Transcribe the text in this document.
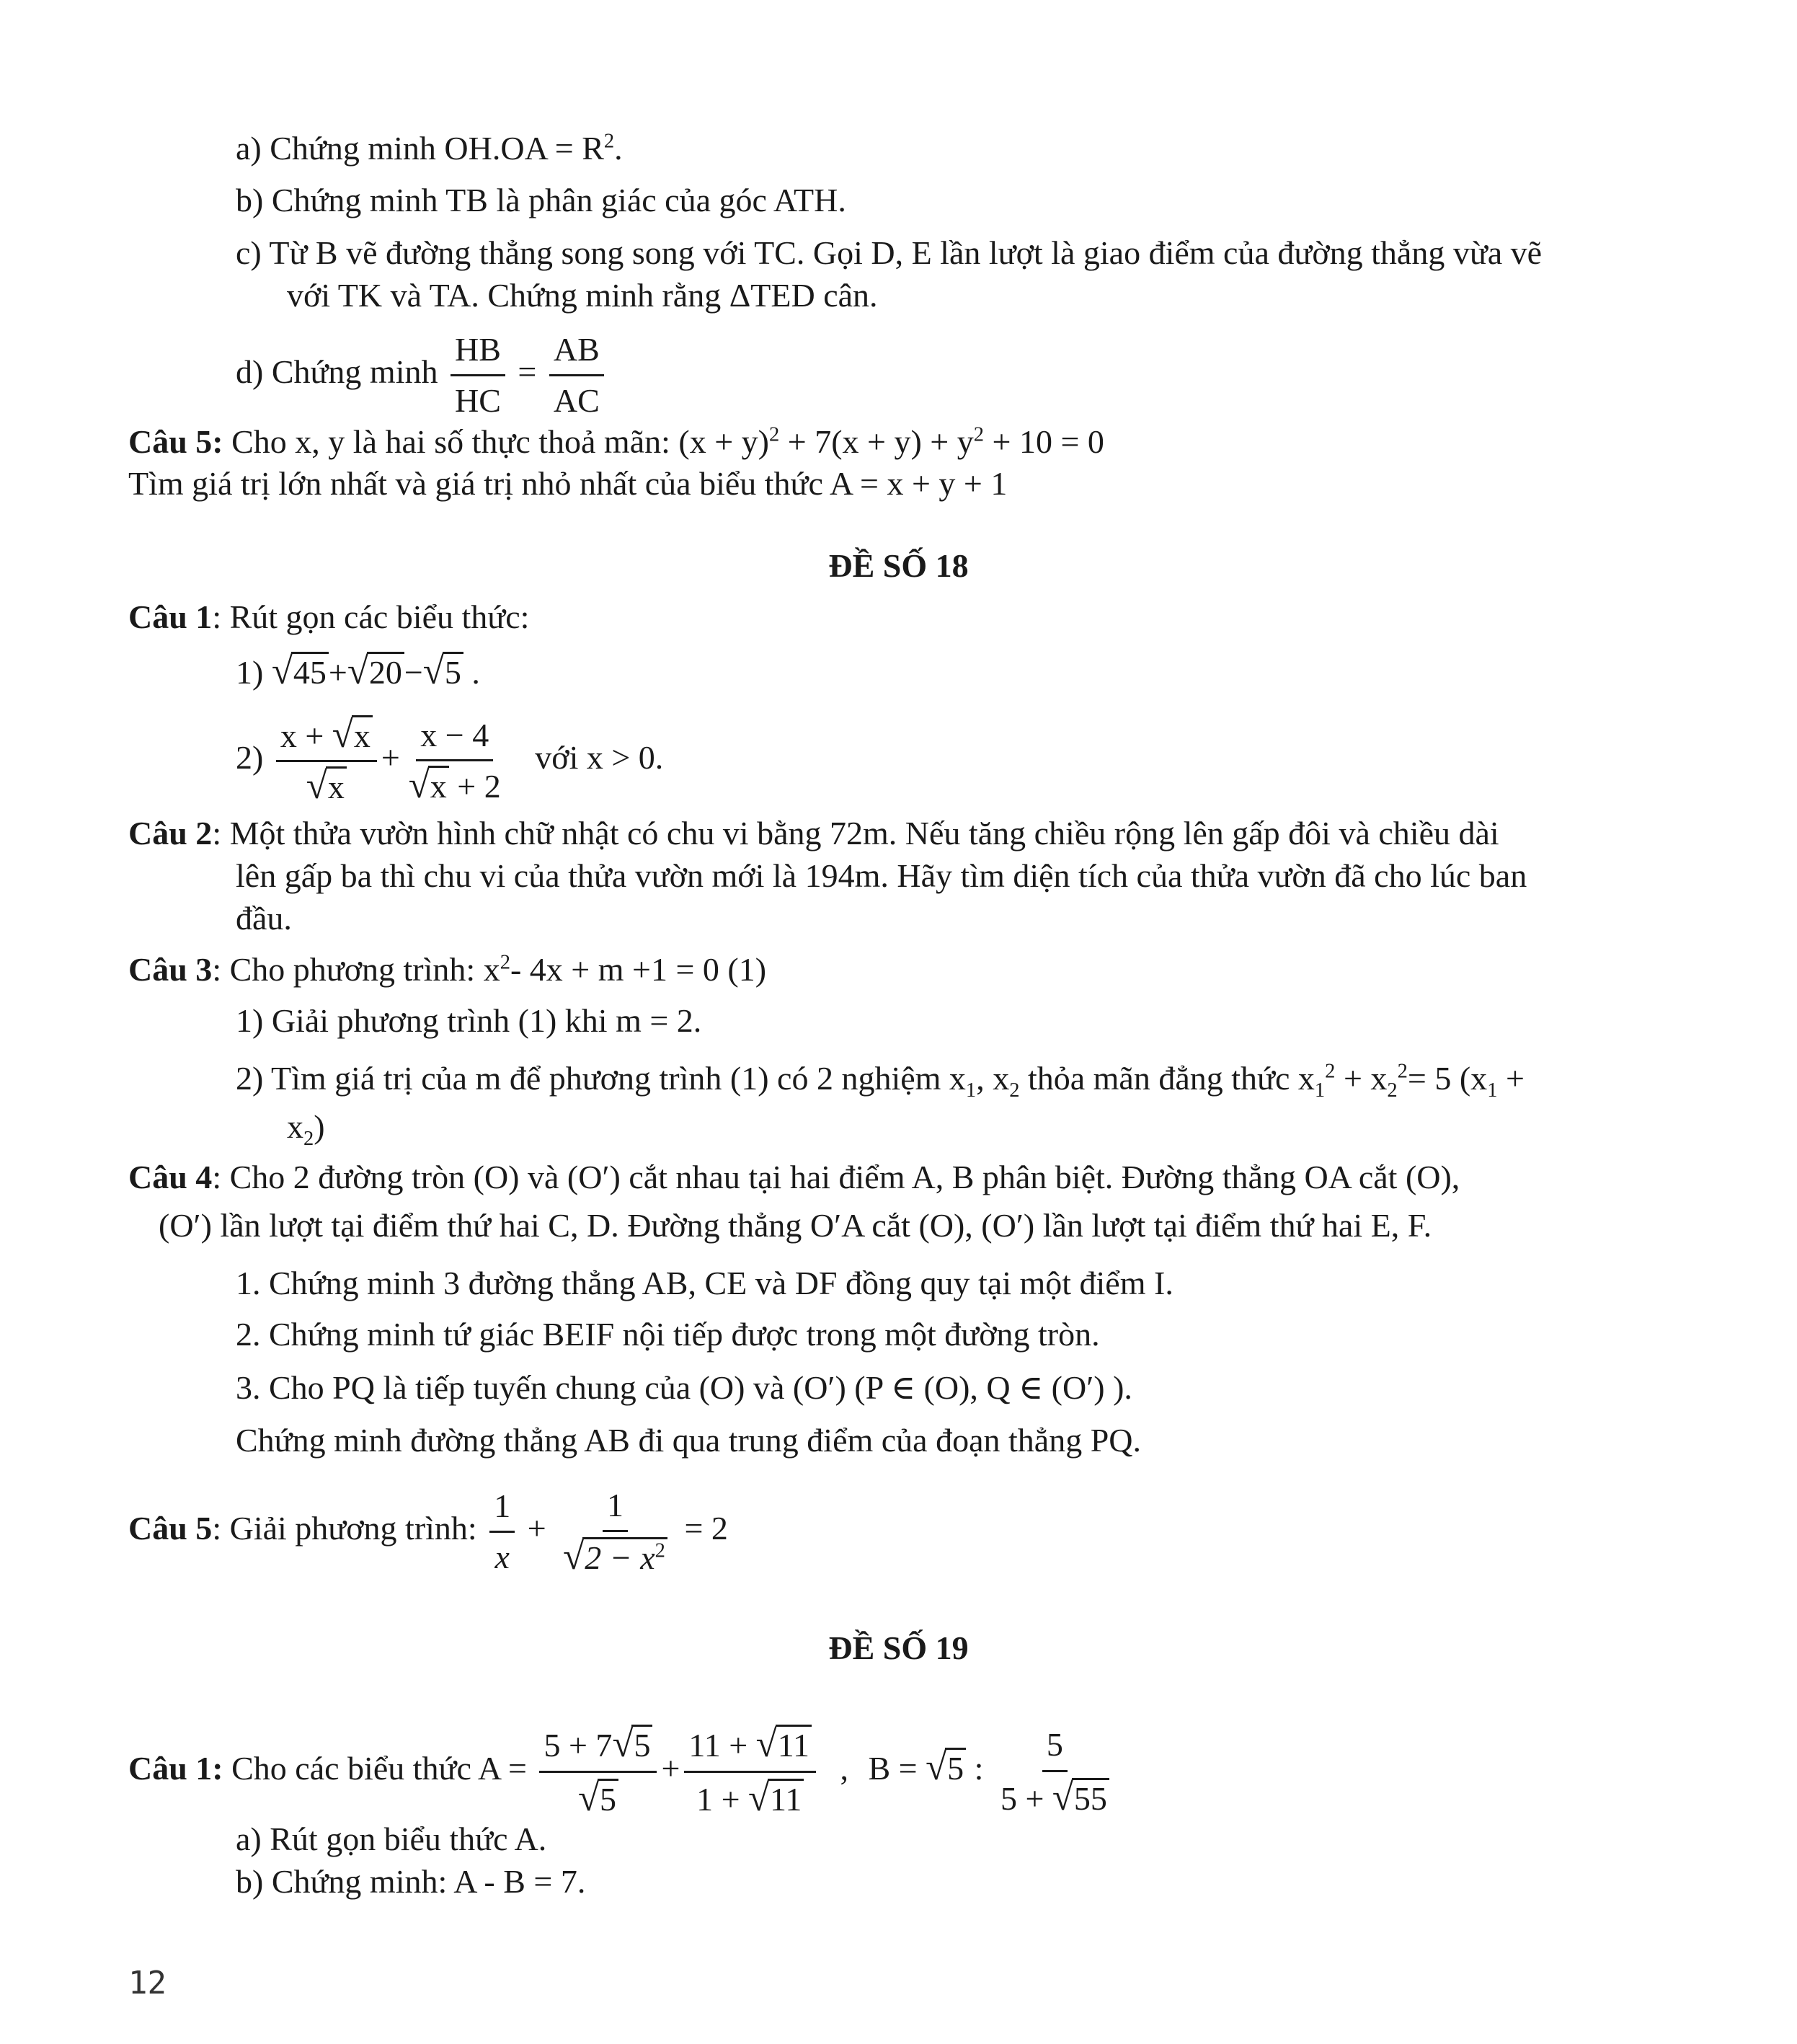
a) Chứng minh $OH.OA = R^2$.
b) Chứng minh TB là phân giác của góc ATH.
c) Từ B vẽ đường thẳng song song với TC. Gọi D, E lần lượt là giao điểm của đường thẳng vừa vẽ
với TK và TA. Chứng minh rằng ΔTED cân.
d) Chứng minh $\frac{HB}{HC} = \frac{AB}{AC}$
Câu 5: Cho x, y là hai số thực thoả mãn: $(x + y)^2 + 7(x + y) + y^2 + 10 = 0$
Tìm giá trị lớn nhất và giá trị nhỏ nhất của biểu thức A = x + y + 1
ĐỀ SỐ 18
Câu 1: Rút gọn các biểu thức:
1) √45+√20−√5 .
$2) \frac{x + √x}{√x} + \frac{x - 4}{√x + 2}$ với x > 0.
Câu 2: Một thửa vườn hình chữ nhật có chu vi bằng 72m. Nếu tăng chiều rộng lên gấp đôi và chiều dài
lên gấp ba thì chu vi của thửa vườn mới là 194m. Hãy tìm diện tích của thửa vườn đã cho lúc ban
đầu.
Câu 3: Cho phương trình: $x^2-$ 4x + m +1 = 0 (1)
1) Giải phương trình (1) khi m = 2.
2) Tìm giá trị của m để phương trình (1) có 2 nghiệm $x_1$, $x_2$ thỏa mãn đẳng thức $x_1^2 + x_2^2= 5$ ($x_1$ +
$x_2$)
Câu 4: Cho 2 đường tròn (O) và (O′) cắt nhau tại hai điểm A, B phân biệt. Đường thẳng OA cắt (O),
(O′) lần lượt tại điểm thứ hai C, D. Đường thẳng O′A cắt (O), (O′) lần lượt tại điểm thứ hai E, F.
1. Chứng minh 3 đường thẳng AB, CE và DF đồng quy tại một điểm I.
2. Chứng minh tứ giác BEIF nội tiếp được trong một đường tròn.
3. Cho PQ là tiếp tuyến chung của (O) và (O′) (P ∈ (O), Q ∈ (O′) ).
Chứng minh đường thẳng AB đi qua trung điểm của đoạn thẳng PQ.
Câu 5: Giải phương trình: $\frac{1}{x} + \frac{1}{√2 - x^2} = 2$
ĐỀ SỐ 19
Câu 1: Cho các biểu thức $A = \frac{5 + 7√5}{√5} + \frac{11 + √11}{1 + √11}$ , B = √5 : $\frac{5}{5 + √55}$
a) Rút gọn biểu thức A.
b) Chứng minh: A - B = 7.
12
